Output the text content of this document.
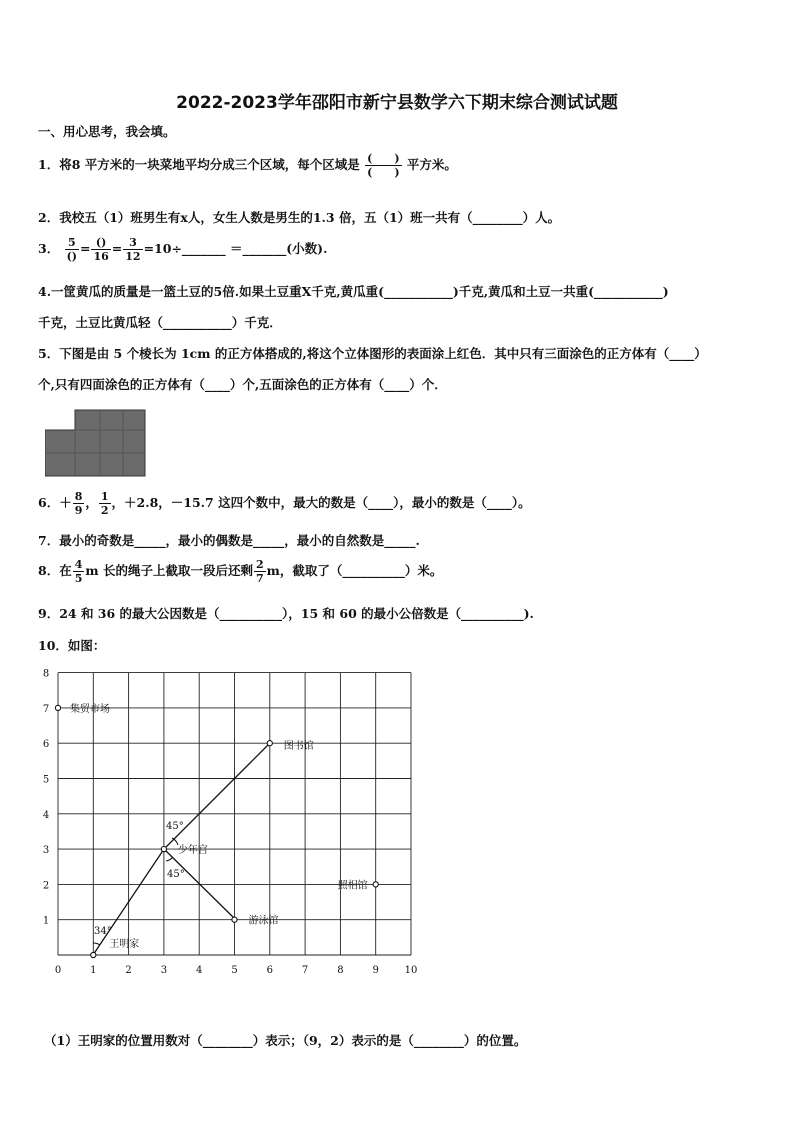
2022-2023学年邵阳市新宁县数学六下期末综合测试试题
一、用心思考，我会填。
1．将8 平方米的一块菜地平均分成三个区域，每个区域是 $\frac{( )}{( )}$ 平方米。
2．我校五（1）班男生有x人，女生人数是男生的1.3 倍，五（1）班一共有（________）人。
3． $\frac{5}{()} = \frac{()}{16} = \frac{3}{12}$ =10÷_______ ＝_______(小数).
4.一筐黄瓜的质量是一篮土豆的5倍.如果土豆重X千克,黄瓜重(___________)千克,黄瓜和土豆一共重(___________)
千克，土豆比黄瓜轻（___________）千克．
5．下图是由 5 个棱长为 1cm 的正方体搭成的,将这个立体图形的表面涂上红色．其中只有三面涂色的正方体有（____）
个,只有四面涂色的正方体有（____）个,五面涂色的正方体有（____）个．
6．＋ $\frac{8}{9}$ ， $\frac{1}{2}$ ，＋2.8，－15.7 这四个数中，最大的数是（____），最小的数是（____）。
7．最小的奇数是_____，最小的偶数是_____，最小的自然数是_____.
8．在 $\frac{4}{5}$ m 长的绳子上截取一段后还剩 $\frac{2}{7}$ m，截取了（__________）米。
9．24 和 36 的最大公因数是（__________），15 和 60 的最小公倍数是（__________).
10．如图：
0	1	2	3	4	5	6	7	8	9	10
1
2
3
4
5
6
7
8
45°
45°
34°
集贸市场
图书馆
少年宫
照相馆
游泳馆
王明家
（1）王明家的位置用数对（________）表示；（9，2）表示的是（________）的位置。
